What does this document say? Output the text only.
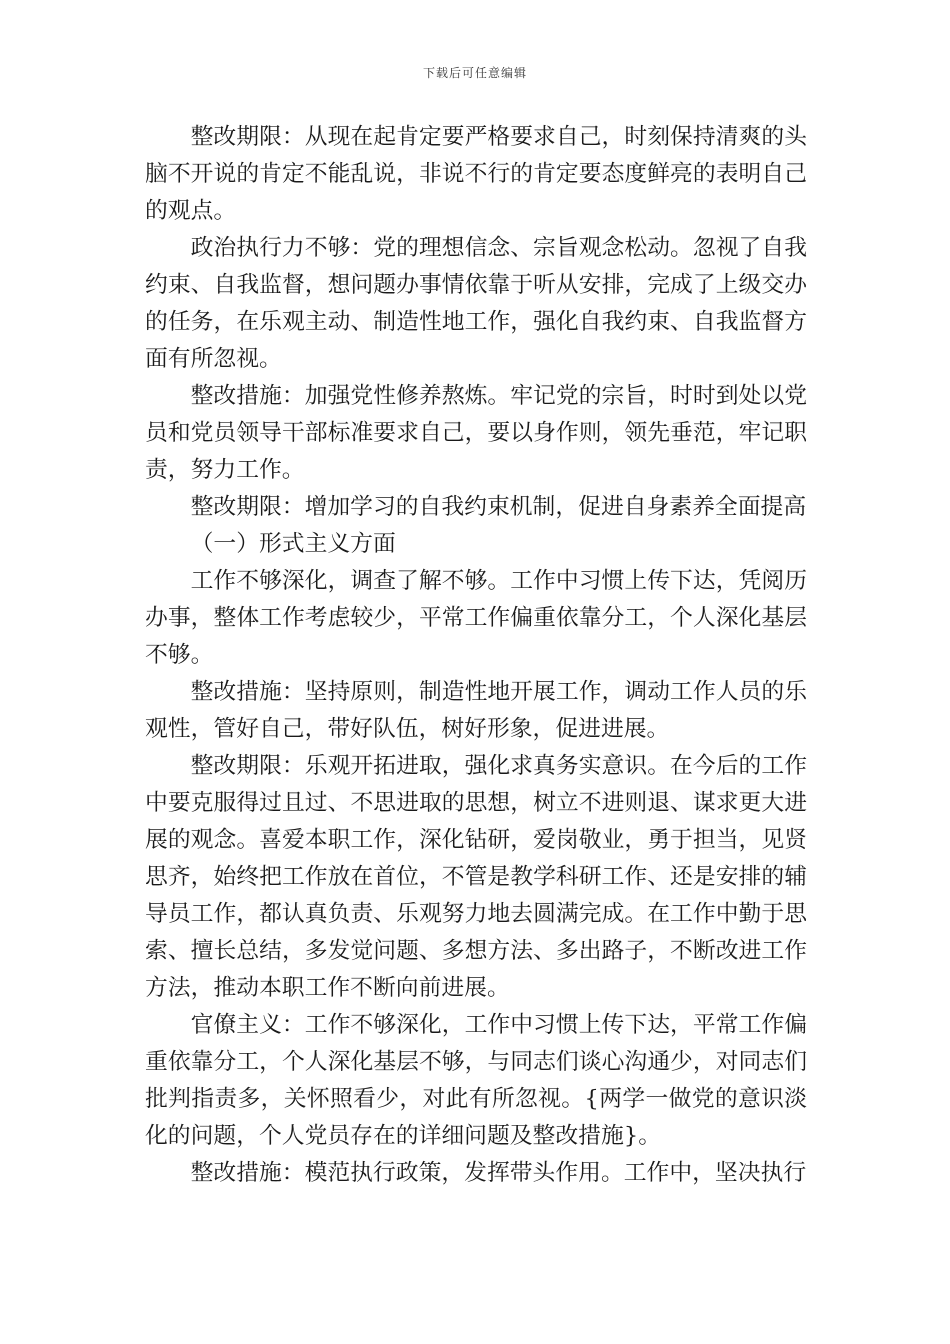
下载后可任意编辑

整改期限：从现在起肯定要严格要求自己，时刻保持清爽的头脑不开说的肯定不能乱说，非说不行的肯定要态度鲜亮的表明自己的观点。

政治执行力不够：党的理想信念、宗旨观念松动。忽视了自我约束、自我监督，想问题办事情依靠于听从安排，完成了上级交办的任务，在乐观主动、制造性地工作，强化自我约束、自我监督方面有所忽视。

整改措施：加强党性修养熬炼。牢记党的宗旨，时时到处以党员和党员领导干部标准要求自己，要以身作则，领先垂范，牢记职责，努力工作。

整改期限：增加学习的自我约束机制，促进自身素养全面提高

（一）形式主义方面

工作不够深化，调查了解不够。工作中习惯上传下达，凭阅历办事，整体工作考虑较少，平常工作偏重依靠分工，个人深化基层不够。

整改措施：坚持原则，制造性地开展工作，调动工作人员的乐观性，管好自己，带好队伍，树好形象，促进进展。

整改期限：乐观开拓进取，强化求真务实意识。在今后的工作中要克服得过且过、不思进取的思想，树立不进则退、谋求更大进展的观念。喜爱本职工作，深化钻研，爱岗敬业，勇于担当，见贤思齐，始终把工作放在首位，不管是教学科研工作、还是安排的辅导员工作，都认真负责、乐观努力地去圆满完成。在工作中勤于思索、擅长总结，多发觉问题、多想方法、多出路子，不断改进工作方法，推动本职工作不断向前进展。

官僚主义：工作不够深化，工作中习惯上传下达，平常工作偏重依靠分工，个人深化基层不够，与同志们谈心沟通少，对同志们批判指责多，关怀照看少，对此有所忽视。{两学一做党的意识淡化的问题，个人党员存在的详细问题及整改措施}。

整改措施：模范执行政策，发挥带头作用。工作中，坚决执行
